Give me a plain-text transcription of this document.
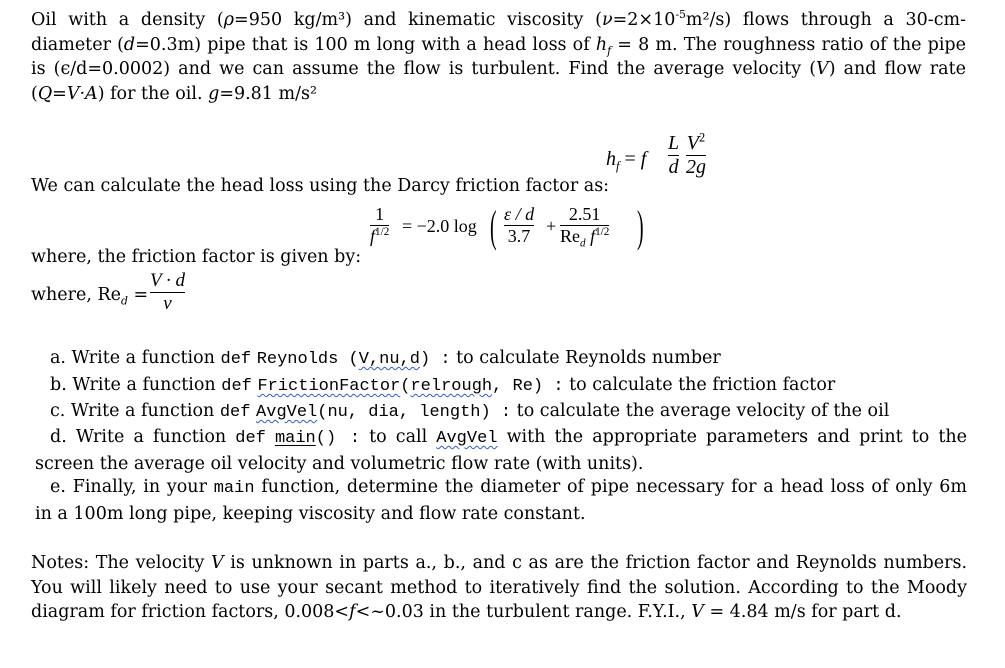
Oil with a density (ρ=950 kg/m³) and kinematic viscosity $(\nu=2\times 10^{-5}m^2/s)$ flows through a 30-cm-diameter (d=0.3m) pipe that is 100 m long with a head loss of $h_f = 8$ m. The roughness ratio of the pipe is (ϵ/d=0.0002) and we can assume the flow is turbulent. Find the average velocity (V) and flow rate (Q=V·A) for the oil. g=9.81 m/s²
$h_f = f$
L
d
$V^2$
2g
We can calculate the head loss using the Darcy friction factor as:
1
$f^{1/2} = -2.0$ log ( ε / d
3.7 +
2.51
$Re_d$ $f^{1/2}$ )
where, the friction factor is given by:
where, $Re_d$ =
V · d
ν
a. Write a function def Reynolds (V,nu,d) : to calculate Reynolds number
b. Write a function def FrictionFactor(relrough, Re) : to calculate the friction factor
c. Write a function def AvgVel(nu, dia, length) : to calculate the average velocity of the oil
d. Write a function def main() : to call AvgVel with the appropriate parameters and print to the screen the average oil velocity and volumetric flow rate (with units).
e. Finally, in your main function, determine the diameter of pipe necessary for a head loss of only 6m in a 100m long pipe, keeping viscosity and flow rate constant.
Notes: The velocity V is unknown in parts a., b., and c as are the friction factor and Reynolds numbers. You will likely need to use your secant method to iteratively find the solution. According to the Moody diagram for friction factors, 0.008<f<~0.03 in the turbulent range. F.Y.I., V = 4.84 m/s for part d.
